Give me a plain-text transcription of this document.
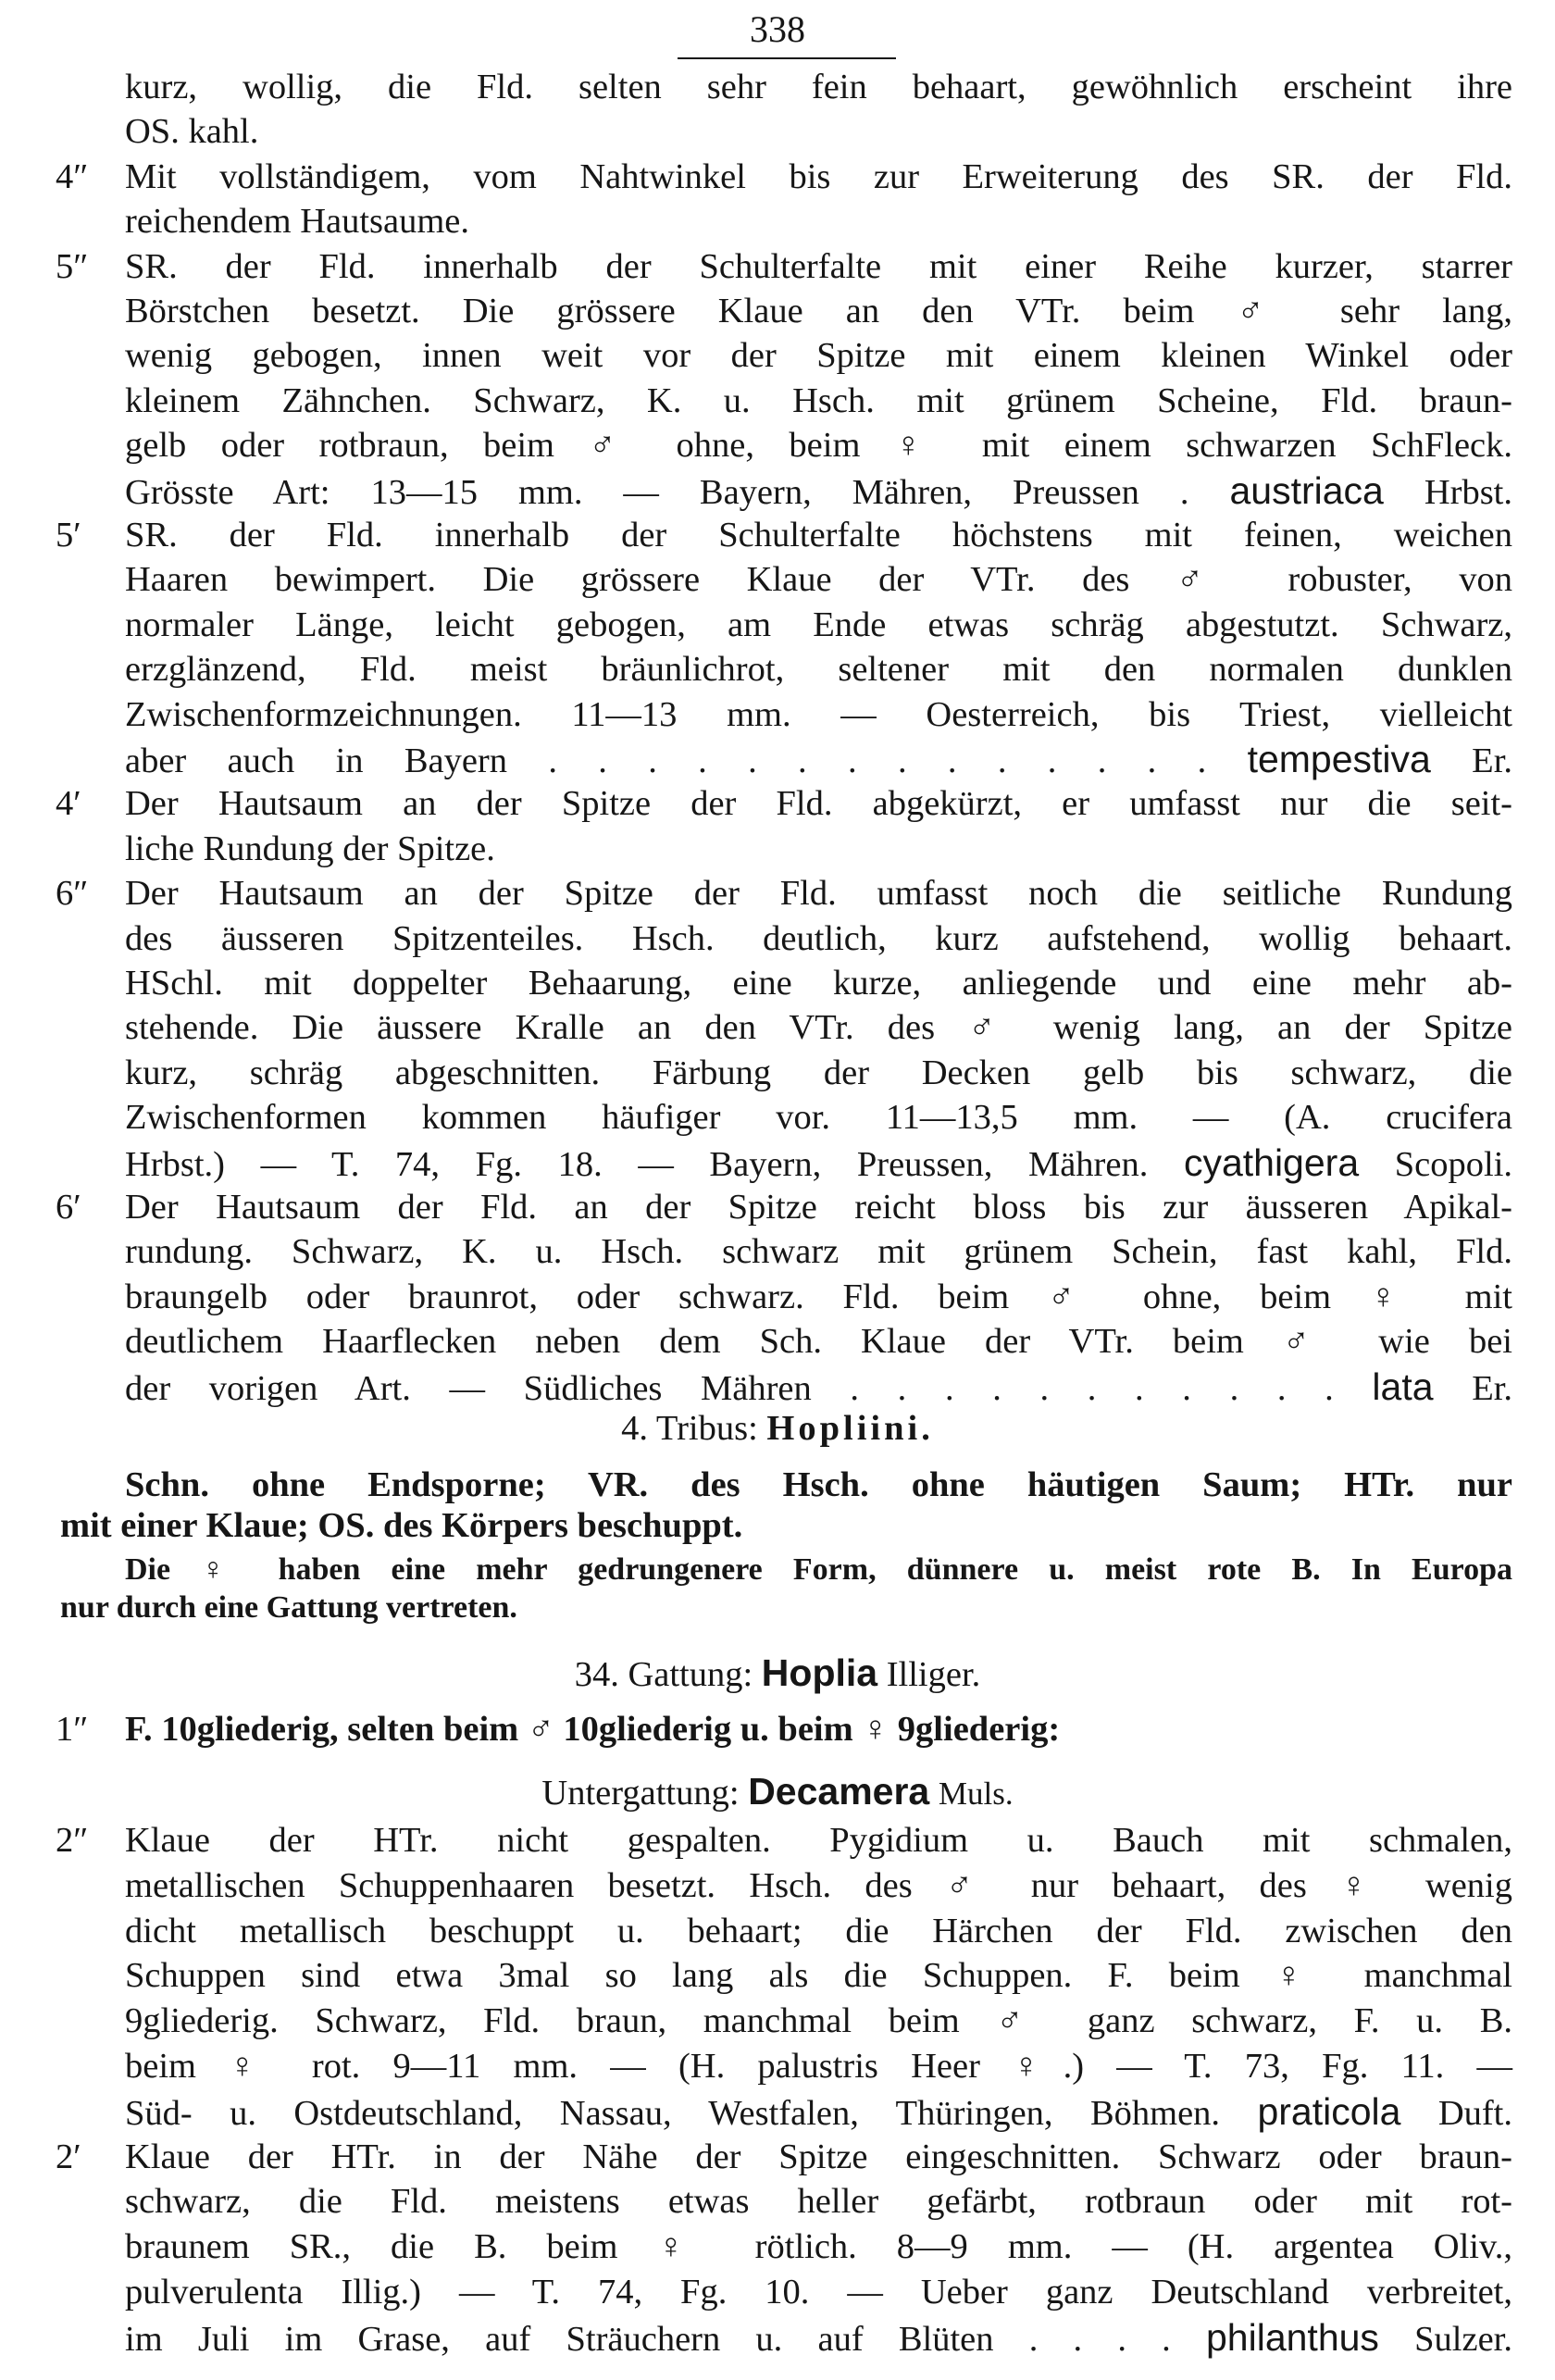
338
kurz, wollig, die Fld. selten sehr fein behaart, gewöhnlich erscheint ihre
OS. kahl.
4″ Mit vollständigem, vom Nahtwinkel bis zur Erweiterung des SR. der Fld.
reichendem Hautsaume.
5″ SR. der Fld. innerhalb der Schulterfalte mit einer Reihe kurzer, starrer
Börstchen besetzt. Die grössere Klaue an den VTr. beim ♂ sehr lang,
wenig gebogen, innen weit vor der Spitze mit einem kleinen Winkel oder
kleinem Zähnchen. Schwarz, K. u. Hsch. mit grünem Scheine, Fld. braun-
gelb oder rotbraun, beim ♂ ohne, beim ♀ mit einem schwarzen SchFleck.
Grösste Art: 13—15 mm. — Bayern, Mähren, Preussen . austriaca Hrbst.
5′ SR. der Fld. innerhalb der Schulterfalte höchstens mit feinen, weichen
Haaren bewimpert. Die grössere Klaue der VTr. des ♂ robuster, von
normaler Länge, leicht gebogen, am Ende etwas schräg abgestutzt. Schwarz,
erzglänzend, Fld. meist bräunlichrot, seltener mit den normalen dunklen
Zwischenformzeichnungen. 11—13 mm. — Oesterreich, bis Triest, vielleicht
aber auch in Bayern . . . . . . . . . . . . . . tempestiva Er.
4′ Der Hautsaum an der Spitze der Fld. abgekürzt, er umfasst nur die seit-
liche Rundung der Spitze.
6″ Der Hautsaum an der Spitze der Fld. umfasst noch die seitliche Rundung
des äusseren Spitzenteiles. Hsch. deutlich, kurz aufstehend, wollig behaart.
HSchl. mit doppelter Behaarung, eine kurze, anliegende und eine mehr ab-
stehende. Die äussere Kralle an den VTr. des ♂ wenig lang, an der Spitze
kurz, schräg abgeschnitten. Färbung der Decken gelb bis schwarz, die
Zwischenformen kommen häufiger vor. 11—13,5 mm. — (A. crucifera
Hrbst.) — T. 74, Fg. 18. — Bayern, Preussen, Mähren. cyathigera Scopoli.
6′ Der Hautsaum der Fld. an der Spitze reicht bloss bis zur äusseren Apikal-
rundung. Schwarz, K. u. Hsch. schwarz mit grünem Schein, fast kahl, Fld.
braungelb oder braunrot, oder schwarz. Fld. beim ♂ ohne, beim ♀ mit
deutlichem Haarflecken neben dem Sch. Klaue der VTr. beim ♂ wie bei
der vorigen Art. — Südliches Mähren . . . . . . . . . . . lata Er.
4. Tribus: Hopliini.
Schn. ohne Endsporne; VR. des Hsch. ohne häutigen Saum; HTr. nur
mit einer Klaue; OS. des Körpers beschuppt.
Die ♀ haben eine mehr gedrungenere Form, dünnere u. meist rote B. In Europa
nur durch eine Gattung vertreten.
34. Gattung: Hoplia Illiger.
1″ F. 10gliederig, selten beim ♂ 10gliederig u. beim ♀ 9gliederig:
Untergattung: Decamera Muls.
2″ Klaue der HTr. nicht gespalten. Pygidium u. Bauch mit schmalen,
metallischen Schuppenhaaren besetzt. Hsch. des ♂ nur behaart, des ♀ wenig
dicht metallisch beschuppt u. behaart; die Härchen der Fld. zwischen den
Schuppen sind etwa 3mal so lang als die Schuppen. F. beim ♀ manchmal
9gliederig. Schwarz, Fld. braun, manchmal beim ♂ ganz schwarz, F. u. B.
beim ♀ rot. 9—11 mm. — (H. palustris Heer ♀.) — T. 73, Fg. 11. —
Süd- u. Ostdeutschland, Nassau, Westfalen, Thüringen, Böhmen. praticola Duft.
2′ Klaue der HTr. in der Nähe der Spitze eingeschnitten. Schwarz oder braun-
schwarz, die Fld. meistens etwas heller gefärbt, rotbraun oder mit rot-
braunem SR., die B. beim ♀ rötlich. 8—9 mm. — (H. argentea Oliv.,
pulverulenta Illig.) — T. 74, Fg. 10. — Ueber ganz Deutschland verbreitet,
im Juli im Grase, auf Sträuchern u. auf Blüten . . . . philanthus Sulzer.
